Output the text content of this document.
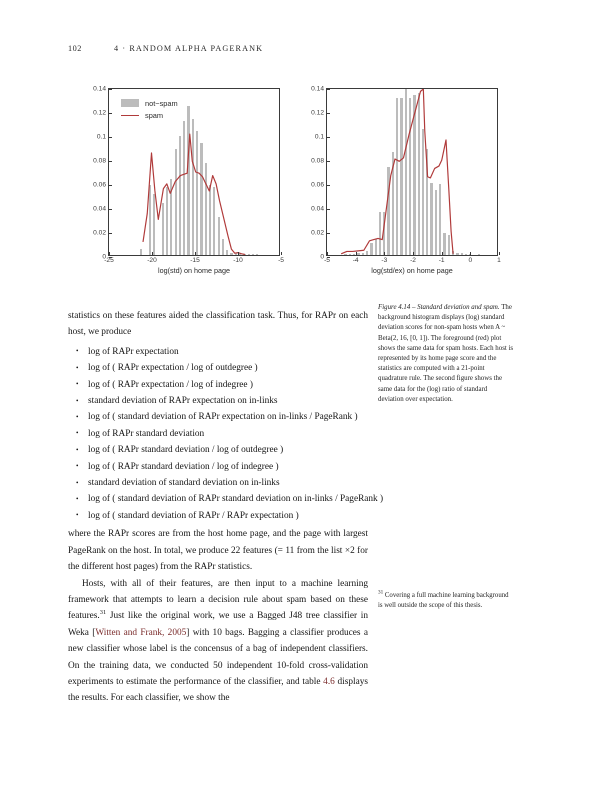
102	4 · RANDOM ALPHA PAGERANK
0
0.02
0.04
0.06
0.08
0.1
0.12
0.14
-25	-20	-15	-10	-5
not−spam
spam
log(std) on home page
0
0.02
0.04
0.06
0.08
0.1
0.12
0.14
-5	-4	-3	-2	-1	0	1
log(std/ex) on home page

statistics on these features aided the classification task. Thus, for RAPr on each host, we produce

• log of RAPr expectation
• log of ( RAPr expectation / log of outdegree )
• log of ( RAPr expectation / log of indegree )
• standard deviation of RAPr expectation on in-links
• log of ( standard deviation of RAPr expectation on in-links / PageRank )
• log of RAPr standard deviation
• log of ( RAPr standard deviation / log of outdegree )
• log of ( RAPr standard deviation / log of indegree )
• standard deviation of standard deviation on in-links
• log of ( standard deviation of RAPr standard deviation on in-links / PageRank )
• log of ( standard deviation of RAPr / RAPr expectation )

where the RAPr scores are from the host home page, and the page with largest PageRank on the host. In total, we produce 22 features (= 11 from the list ×2 for the different host pages) from the RAPr statistics.

Hosts, with all of their features, are then input to a machine learning framework that attempts to learn a decision rule about spam based on these features.$^{31}$ Just like the original work, we use a Bagged J48 tree classifier in Weka [Witten and Frank, 2005] with 10 bags. Bagging a classifier produces a new classifier whose label is the concensus of a bag of independent classifiers. On the training data, we conducted 50 independent 10-fold cross-validation experiments to estimate the performance of the classifier, and table 4.6 displays the results. For each classifier, we show the

Figure 4.14 – Standard deviation and spam. The background histogram displays (log) standard deviation scores for non-spam hosts when A ~ Beta(2, 16, [0, 1]). The foreground (red) plot shows the same data for spam hosts. Each host is represented by its home page score and the statistics are computed with a 21-point quadrature rule. The second figure shows the same data for the (log) ratio of standard deviation over expectation.
$^{31}$ Covering a full machine learning background is well outside the scope of this thesis.
